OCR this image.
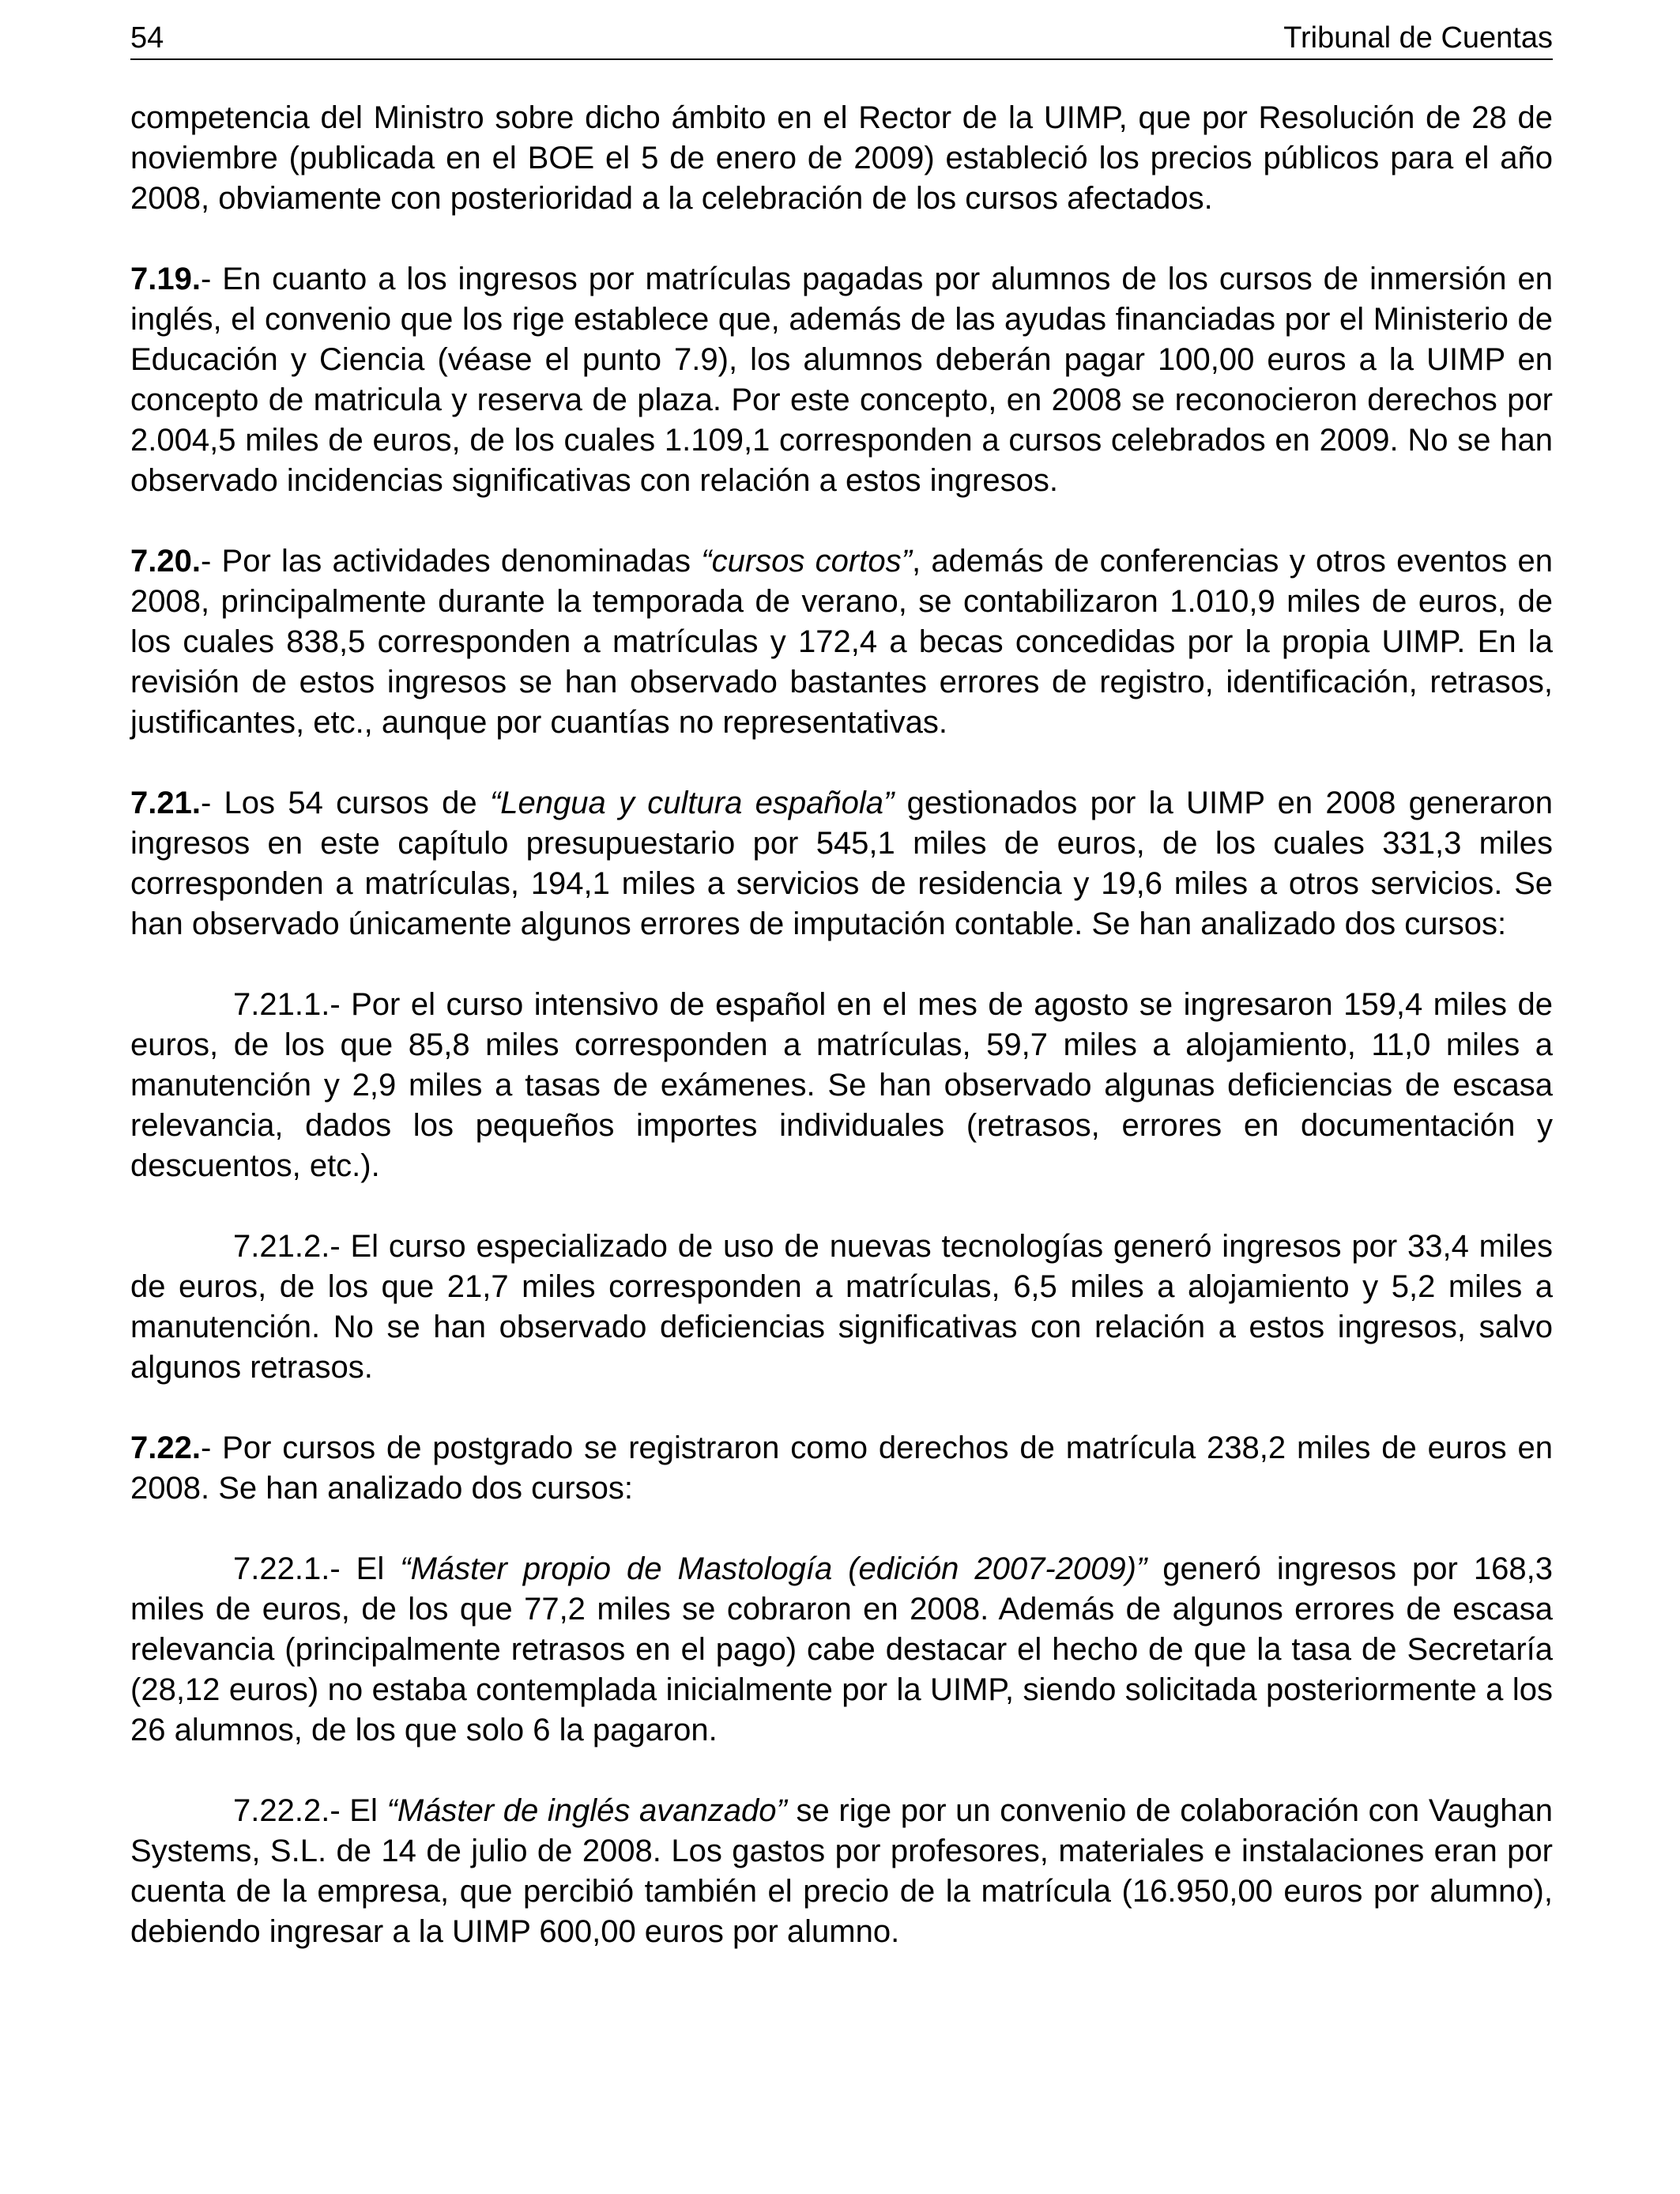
54	Tribunal de Cuentas

competencia del Ministro sobre dicho ámbito en el Rector de la UIMP, que por Resolución de 28 de noviembre (publicada en el BOE el 5 de enero de 2009) estableció los precios públicos para el año 2008, obviamente con posterioridad a la celebración de los cursos afectados.

7.19.- En cuanto a los ingresos por matrículas pagadas por alumnos de los cursos de inmersión en inglés, el convenio que los rige establece que, además de las ayudas financiadas por el Ministerio de Educación y Ciencia (véase el punto 7.9), los alumnos deberán pagar 100,00 euros a la UIMP en concepto de matricula y reserva de plaza. Por este concepto, en 2008 se reconocieron derechos por 2.004,5 miles de euros, de los cuales 1.109,1 corresponden a cursos celebrados en 2009. No se han observado incidencias significativas con relación a estos ingresos.

7.20.- Por las actividades denominadas “cursos cortos”, además de conferencias y otros eventos en 2008, principalmente durante la temporada de verano, se contabilizaron 1.010,9 miles de euros, de los cuales 838,5 corresponden a matrículas y 172,4 a becas concedidas por la propia UIMP. En la revisión de estos ingresos se han observado bastantes errores de registro, identificación, retrasos, justificantes, etc., aunque por cuantías no representativas.

7.21.- Los 54 cursos de “Lengua y cultura española” gestionados por la UIMP en 2008 generaron ingresos en este capítulo presupuestario por 545,1 miles de euros, de los cuales 331,3 miles corresponden a matrículas, 194,1 miles a servicios de residencia y 19,6 miles a otros servicios. Se han observado únicamente algunos errores de imputación contable. Se han analizado dos cursos:

7.21.1.- Por el curso intensivo de español en el mes de agosto se ingresaron 159,4 miles de euros, de los que 85,8 miles corresponden a matrículas, 59,7 miles a alojamiento, 11,0 miles a manutención y 2,9 miles a tasas de exámenes. Se han observado algunas deficiencias de escasa relevancia, dados los pequeños importes individuales (retrasos, errores en documentación y descuentos, etc.).

7.21.2.- El curso especializado de uso de nuevas tecnologías generó ingresos por 33,4 miles de euros, de los que 21,7 miles corresponden a matrículas, 6,5 miles a alojamiento y 5,2 miles a manutención. No se han observado deficiencias significativas con relación a estos ingresos, salvo algunos retrasos.

7.22.- Por cursos de postgrado se registraron como derechos de matrícula 238,2 miles de euros en 2008. Se han analizado dos cursos:

7.22.1.- El “Máster propio de Mastología (edición 2007-2009)” generó ingresos por 168,3 miles de euros, de los que 77,2 miles se cobraron en 2008. Además de algunos errores de escasa relevancia (principalmente retrasos en el pago) cabe destacar el hecho de que la tasa de Secretaría (28,12 euros) no estaba contemplada inicialmente por la UIMP, siendo solicitada posteriormente a los 26 alumnos, de los que solo 6 la pagaron.

7.22.2.- El “Máster de inglés avanzado” se rige por un convenio de colaboración con Vaughan Systems, S.L. de 14 de julio de 2008. Los gastos por profesores, materiales e instalaciones eran por cuenta de la empresa, que percibió también el precio de la matrícula (16.950,00 euros por alumno), debiendo ingresar a la UIMP 600,00 euros por alumno.
